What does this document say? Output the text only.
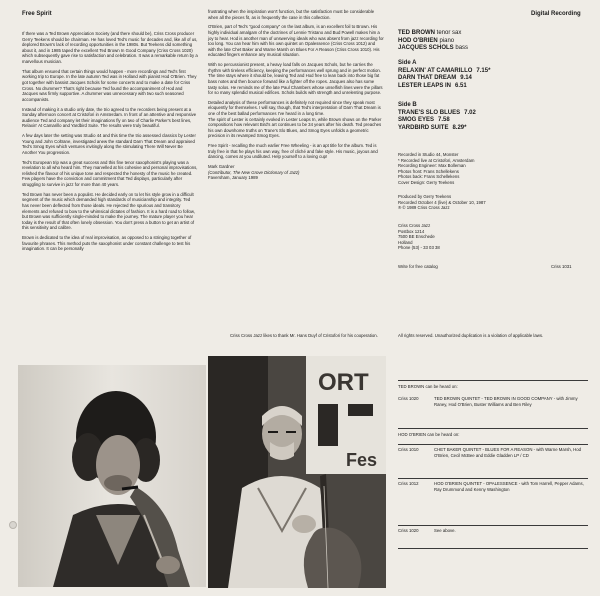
Free Spirit	Digital Recording

If there was a Ted Brown Appreciation Society (and there should be), Criss Cross producer Gerry Teekens should be chairman. He has loved Ted's music for decades and, like all of us, deplored Brown's lack of recording opportunities in the 1980s. But Teekens did something about it, and in 1985 taped the excellent Ted Brown In Good Company (Criss Cross 1020) which subsequently gave rise to satisfaction and celebration. It was a remarkable return by a marvellous musician.

That album ensured that certain things would happen - more recordings and Ted's first working trip to Europe. In the late autumn Ted was in Holland with pianist Hod O'Brien. They got together with bassist Jacques Schols for some concerts and to make a date for Criss Cross. No drummer? That's right because Ted found the accompaniment of Hod and Jacques was firmly supportive. A drummer was unnecessary with two such seasoned accompanists.

Instead of making it a studio only date, the trio agreed to the recorders being present at a Sunday afternoon concert at Cristofori in Amsterdam. In front of an attentive and responsive audience Ted and company let their imaginations fly on two of Charlie Parker's best lines, Relaxin' At Camarillo and Yardbird Suite. The results were truly beautiful.

A few days later the setting was Studio 44 and this time the trio assessed classics by Lester Young and John Coltrane, investigated anew the standard Darn That Dream and appraised Ted's Smog Eyes which ventures invitingly along the stimulating There Will Never Be Another You progression.

Ted's European trip was a great success and this fine tenor saxophonist's playing was a revelation to all who heard him. They marvelled at his cohesive and personal improvisations, relished the flavour of his unique tone and respected the honesty of the music he created. Few players have the conviction and commitment that Ted displays, particularly after struggling to survive in jazz for more than 40 years.

Ted Brown has never been a populist. He decided early on to let his style grow in a difficult segment of the music which demanded high standards of musicianship and integrity. Ted has never been deflected from those ideals. He rejected the spurious and transitory elements and refused to bow to the whimsical dictates of fashion. It is a hard road to follow, but Brown was sufficiently single-minded to make the journey. The mature player you hear today is the result of that often lonely obsession. You don't press a button to get an artist of this sensitivity and calibre.

Brown is dedicated to the idea of real improvisation, as opposed to a stringing together of favourite phrases. This method puts the saxophonist under constant challenge to test his imagination. It can be personally

frustrating when the inspiration won't function, but the satisfaction must be considerable when all the pieces fit, as is frequently the case in this collection.

O'Brien, part of Ted's "good company" on the last album, is an excellent foil to Brown. His highly individual amalgam of the doctrines of Lennie Tristano and Bud Powell makes him a joy to hear. Hod is another man of unswerving ideals who was absent from jazz recording for too long. You can hear him with his own quintet on Opalessence (Criss Cross 1012) and with the late Chet Baker and Warne Marsh on Blues For A Reason (Criss Cross 1010). His educated fingers enhance any musical situation.

With no percussionist present, a heavy load falls on Jacques Schols, but he carries the rhythm with tireless efficiency, keeping the performances well sprung and in perfect motion. The time stays where it should be, leaving Ted and Hod free to lean back into those big fat bass notes and then bounce forward like a fighter off the ropes. Jacques also has some tasty solos. He reminds me of the late Paul Chambers whose unselfish lines were the pillars for so many splendid musical edifices. Schols builds with strength and unrelenting purpose.

Detailed analysis of these performances is definitely not required since they speak most eloquently for themselves. I will say, though, that Ted's interpretation of Darn That Dream is one of the best ballad performances I've heard in a long time.

The spirit of Lester is certainly evoked in Lester Leaps In, while Brown shows on the Parker compositions how relevant Bird's art continues to be 34 years after his death. Ted preaches his own downhome truths on Trane's Slo Blues, and Smog Eyes unfolds a geometric precision in its revamped Smog Eyes.

Free Spirit - recalling the much earlier Free Wheeling - is an apt title for the album. Ted is truly free in that he plays his own way, free of cliché and fake style. His music, joyous and dancing, comes at you undiluted. Help yourself to a loving cup!

Mark Gardner
(Contributor, The New Grove Dictionary of Jazz)
Faversham, January 1989
Criss Cross Jazz likes to thank Mr. Hans Duyf of Cristofori for his cooperation.
TED BROWN tenor sax
HOD O'BRIEN piano
JACQUES SCHOLS bass
Side A
RELAXIN' AT CAMARILLO 7.15*
DARN THAT DREAM 9.14
LESTER LEAPS IN 6.51
Side B
TRANE'S SLO BLUES 7.02
SMOG EYES 7.58
YARDBIRD SUITE 8.29*
Recorded in Studio 44, Monster
* Recorded live at Cristofori, Amsterdam
Recording Engineer: Max Bolleman
Photos front: Frans Schellekens
Photos back: Frans Schellekens
Cover Design: Gerry Teekens
Produced by Gerry Teekens
Recorded October 4 (live) & October 10, 1987
℗ © 1989 Criss Cross Jazz
Criss Cross Jazz
Postbox 1214
7500 BE Enschede
Holland
Phone (53) - 33 03 38
Write for free catalog	Criss 1031
All rights reserved. Unauthorized duplication is a violation of applicable laws.
TED BROWN can be heard on:
Criss 1020	TED BROWN QUINTET - TED BROWN IN GOOD COMPANY - with Jimmy Raney, Hod O'Brien, Buster Williams and Ben Riley
HOD O'BRIEN can be heard on:
Criss 1010	CHET BAKER QUINTET - BLUES FOR A REASON - with Warne Marsh, Hod O'Brien, Cecil McBee and Eddie Gladden LP / CD
Criss 1012	HOD O'BRIEN QUINTET - OPALESSENCE - with Tom Harrell, Pepper Adams, Ray Drummond and Kenny Washington
Criss 1020	See above.
ORT
Fes
